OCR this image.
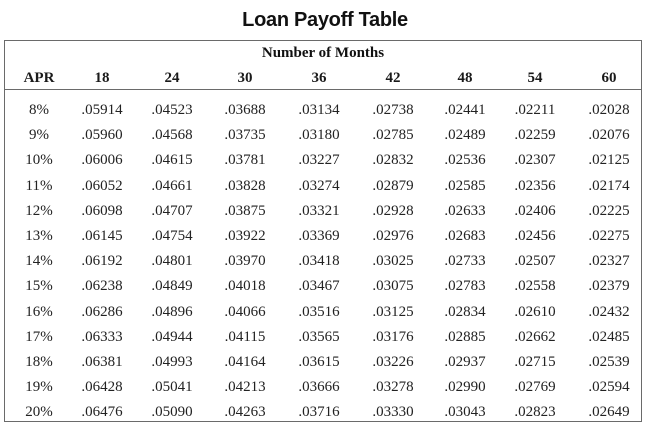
Loan Payoff Table
Number of Months
APR	18	24	30	36	42	48	54	60
8%	.05914	.04523	.03688	.03134	.02738	.02441	.02211	.02028
9%	.05960	.04568	.03735	.03180	.02785	.02489	.02259	.02076
10%	.06006	.04615	.03781	.03227	.02832	.02536	.02307	.02125
11%	.06052	.04661	.03828	.03274	.02879	.02585	.02356	.02174
12%	.06098	.04707	.03875	.03321	.02928	.02633	.02406	.02225
13%	.06145	.04754	.03922	.03369	.02976	.02683	.02456	.02275
14%	.06192	.04801	.03970	.03418	.03025	.02733	.02507	.02327
15%	.06238	.04849	.04018	.03467	.03075	.02783	.02558	.02379
16%	.06286	.04896	.04066	.03516	.03125	.02834	.02610	.02432
17%	.06333	.04944	.04115	.03565	.03176	.02885	.02662	.02485
18%	.06381	.04993	.04164	.03615	.03226	.02937	.02715	.02539
19%	.06428	.05041	.04213	.03666	.03278	.02990	.02769	.02594
20%	.06476	.05090	.04263	.03716	.03330	.03043	.02823	.02649
